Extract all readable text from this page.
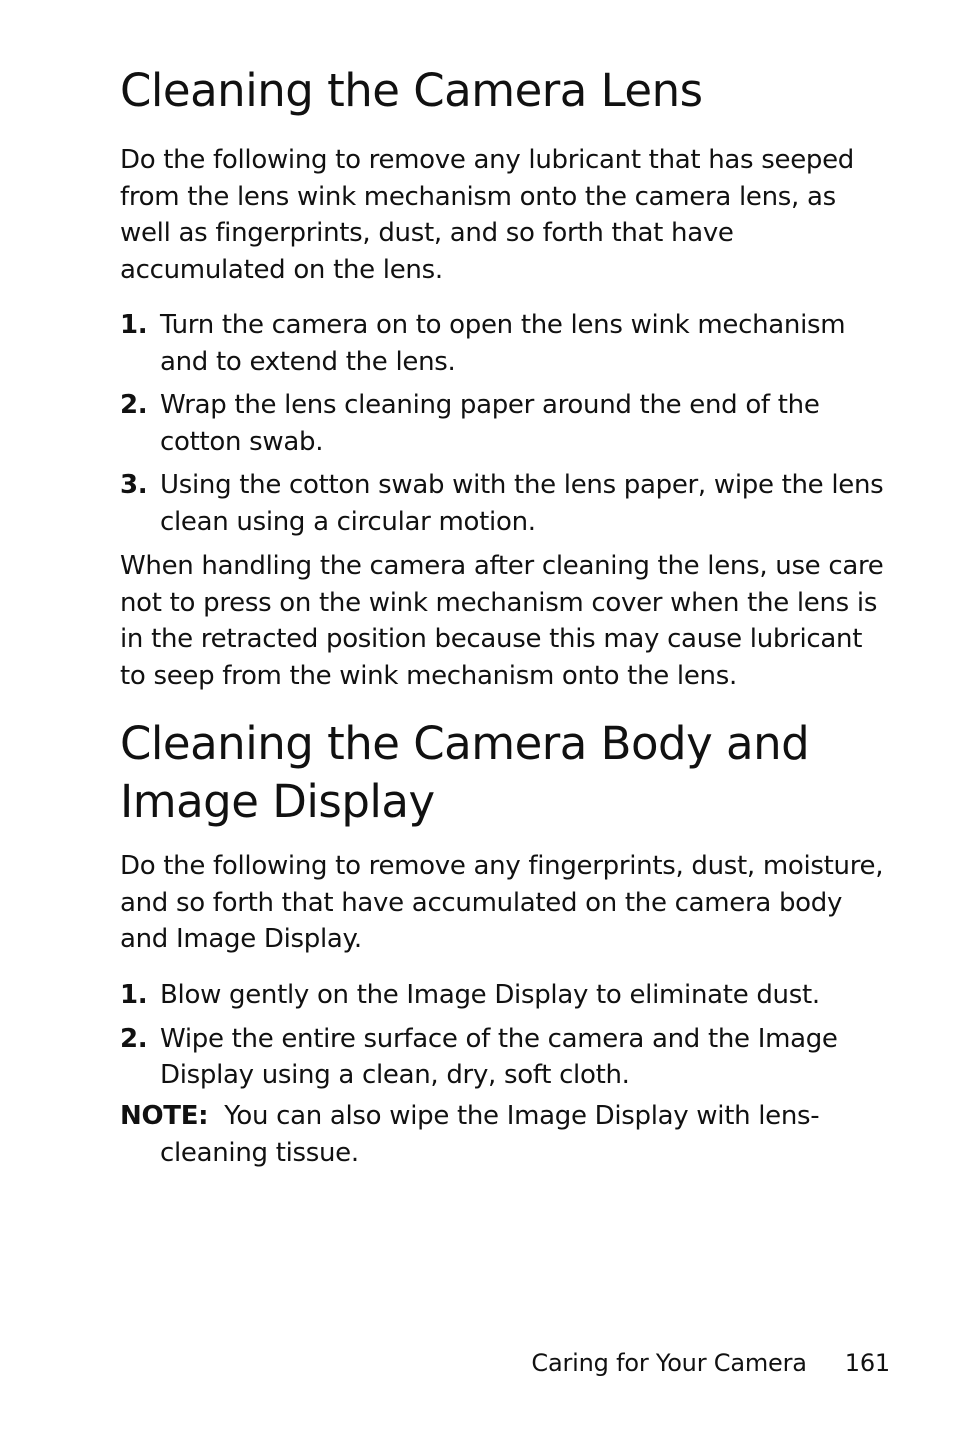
Cleaning the Camera Lens

Do the following to remove any lubricant that has seeped from the lens wink mechanism onto the camera lens, as well as fingerprints, dust, and so forth that have accumulated on the lens.

1. Turn the camera on to open the lens wink mechanism and to extend the lens.
2. Wrap the lens cleaning paper around the end of the cotton swab.
3. Using the cotton swab with the lens paper, wipe the lens clean using a circular motion.

When handling the camera after cleaning the lens, use care not to press on the wink mechanism cover when the lens is in the retracted position because this may cause lubricant to seep from the wink mechanism onto the lens.

Cleaning the Camera Body and
Image Display

Do the following to remove any fingerprints, dust, moisture, and so forth that have accumulated on the camera body and Image Display.

1. Blow gently on the Image Display to eliminate dust.
2. Wipe the entire surface of the camera and the Image Display using a clean, dry, soft cloth.

NOTE: You can also wipe the Image Display with lens-cleaning tissue.

Caring for Your Camera 161
